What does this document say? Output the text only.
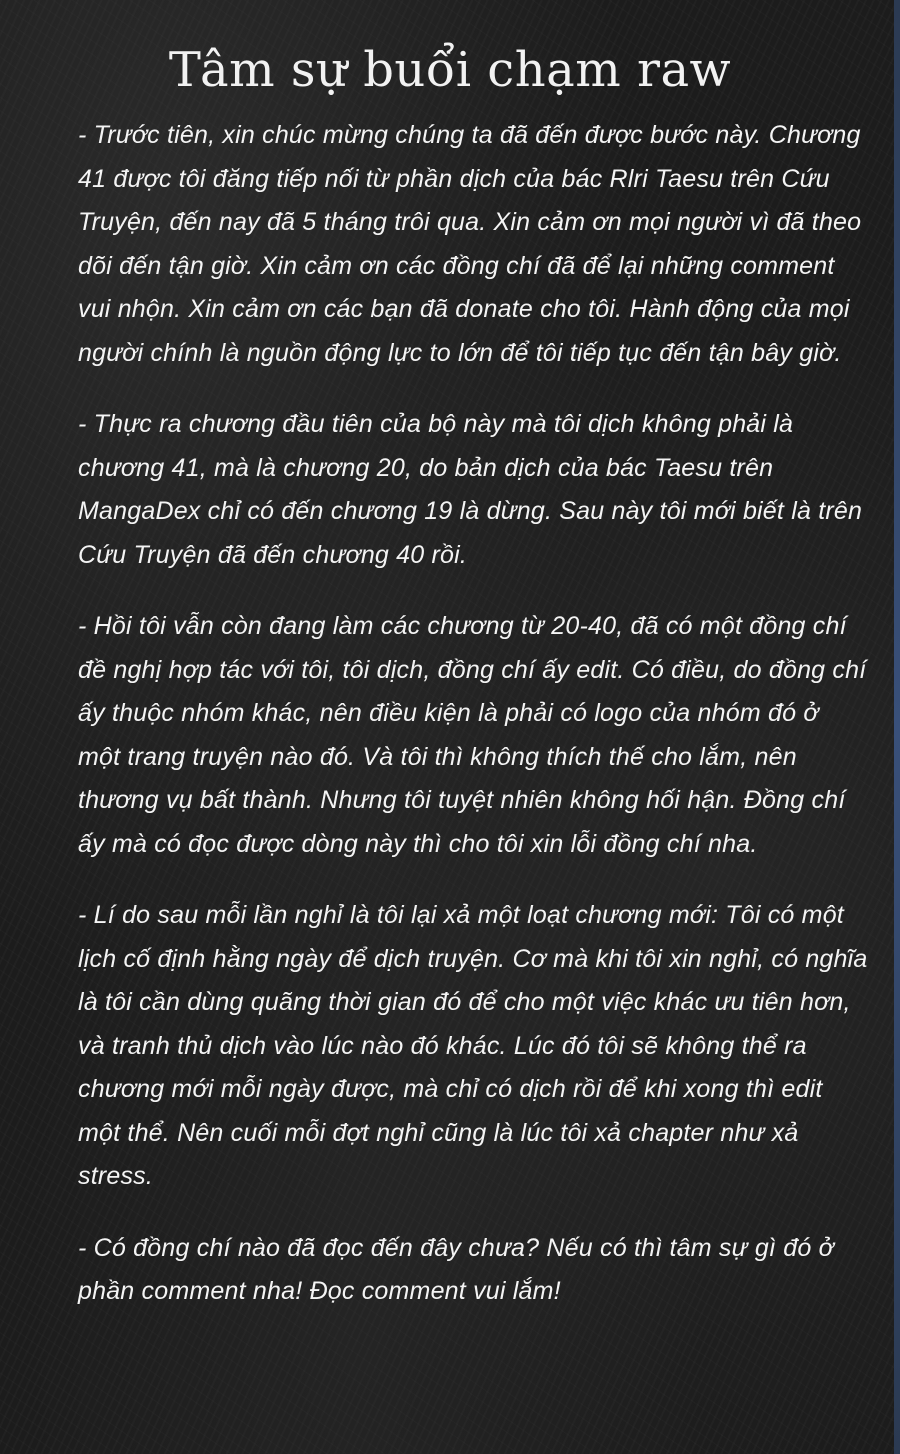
Tâm sự buổi chạm raw

- Trước tiên, xin chúc mừng chúng ta đã đến được bước này. Chương 41 được tôi đăng tiếp nối từ phần dịch của bác Rlri Taesu trên Cứu Truyện, đến nay đã 5 tháng trôi qua. Xin cảm ơn mọi người vì đã theo dõi đến tận giờ. Xin cảm ơn các đồng chí đã để lại những comment vui nhộn. Xin cảm ơn các bạn đã donate cho tôi. Hành động của mọi người chính là nguồn động lực to lớn để tôi tiếp tục đến tận bây giờ.

- Thực ra chương đầu tiên của bộ này mà tôi dịch không phải là chương 41, mà là chương 20, do bản dịch của bác Taesu trên MangaDex chỉ có đến chương 19 là dừng. Sau này tôi mới biết là trên Cứu Truyện đã đến chương 40 rồi.

- Hồi tôi vẫn còn đang làm các chương từ 20-40, đã có một đồng chí đề nghị hợp tác với tôi, tôi dịch, đồng chí ấy edit. Có điều, do đồng chí ấy thuộc nhóm khác, nên điều kiện là phải có logo của nhóm đó ở một trang truyện nào đó. Và tôi thì không thích thế cho lắm, nên thương vụ bất thành. Nhưng tôi tuyệt nhiên không hối hận. Đồng chí ấy mà có đọc được dòng này thì cho tôi xin lỗi đồng chí nha.

- Lí do sau mỗi lần nghỉ là tôi lại xả một loạt chương mới: Tôi có một lịch cố định hằng ngày để dịch truyện. Cơ mà khi tôi xin nghỉ, có nghĩa là tôi cần dùng quãng thời gian đó để cho một việc khác ưu tiên hơn, và tranh thủ dịch vào lúc nào đó khác. Lúc đó tôi sẽ không thể ra chương mới mỗi ngày được, mà chỉ có dịch rồi để khi xong thì edit một thể. Nên cuối mỗi đợt nghỉ cũng là lúc tôi xả chapter như xả stress.

- Có đồng chí nào đã đọc đến đây chưa? Nếu có thì tâm sự gì đó ở phần comment nha! Đọc comment vui lắm!
